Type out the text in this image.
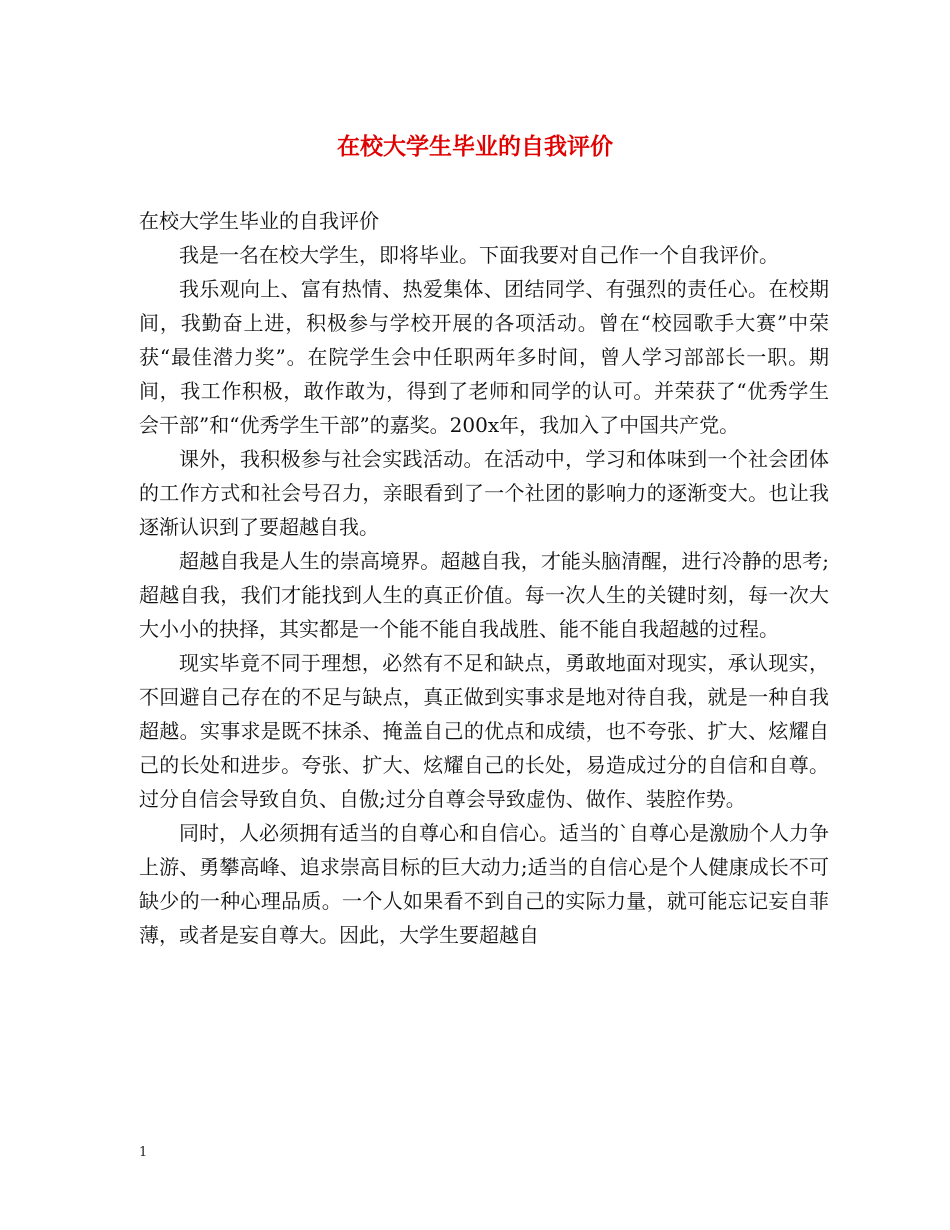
在校大学生毕业的自我评价

在校大学生毕业的自我评价

我是一名在校大学生，即将毕业。下面我要对自己作一个自我评价。

我乐观向上、富有热情、热爱集体、团结同学、有强烈的责任心。在校期间，我勤奋上进，积极参与学校开展的各项活动。曾在“校园歌手大赛”中荣获“最佳潜力奖”。在院学生会中任职两年多时间，曾人学习部部长一职。期间，我工作积极，敢作敢为，得到了老师和同学的认可。并荣获了“优秀学生会干部”和“优秀学生干部”的嘉奖。200x年，我加入了中国共产党。

课外，我积极参与社会实践活动。在活动中，学习和体味到一个社会团体的工作方式和社会号召力，亲眼看到了一个社团的影响力的逐渐变大。也让我逐渐认识到了要超越自我。

超越自我是人生的崇高境界。超越自我，才能头脑清醒，进行冷静的思考;超越自我，我们才能找到人生的真正价值。每一次人生的关键时刻，每一次大大小小的抉择，其实都是一个能不能自我战胜、能不能自我超越的过程。

现实毕竟不同于理想，必然有不足和缺点，勇敢地面对现实，承认现实，不回避自己存在的不足与缺点，真正做到实事求是地对待自我，就是一种自我超越。实事求是既不抹杀、掩盖自己的优点和成绩，也不夸张、扩大、炫耀自己的长处和进步。夸张、扩大、炫耀自己的长处，易造成过分的自信和自尊。过分自信会导致自负、自傲;过分自尊会导致虚伪、做作、装腔作势。

同时，人必须拥有适当的自尊心和自信心。适当的`自尊心是激励个人力争上游、勇攀高峰、追求崇高目标的巨大动力;适当的自信心是个人健康成长不可缺少的一种心理品质。一个人如果看不到自己的实际力量，就可能忘记妄自菲薄，或者是妄自尊大。因此，大学生要超越自

1
